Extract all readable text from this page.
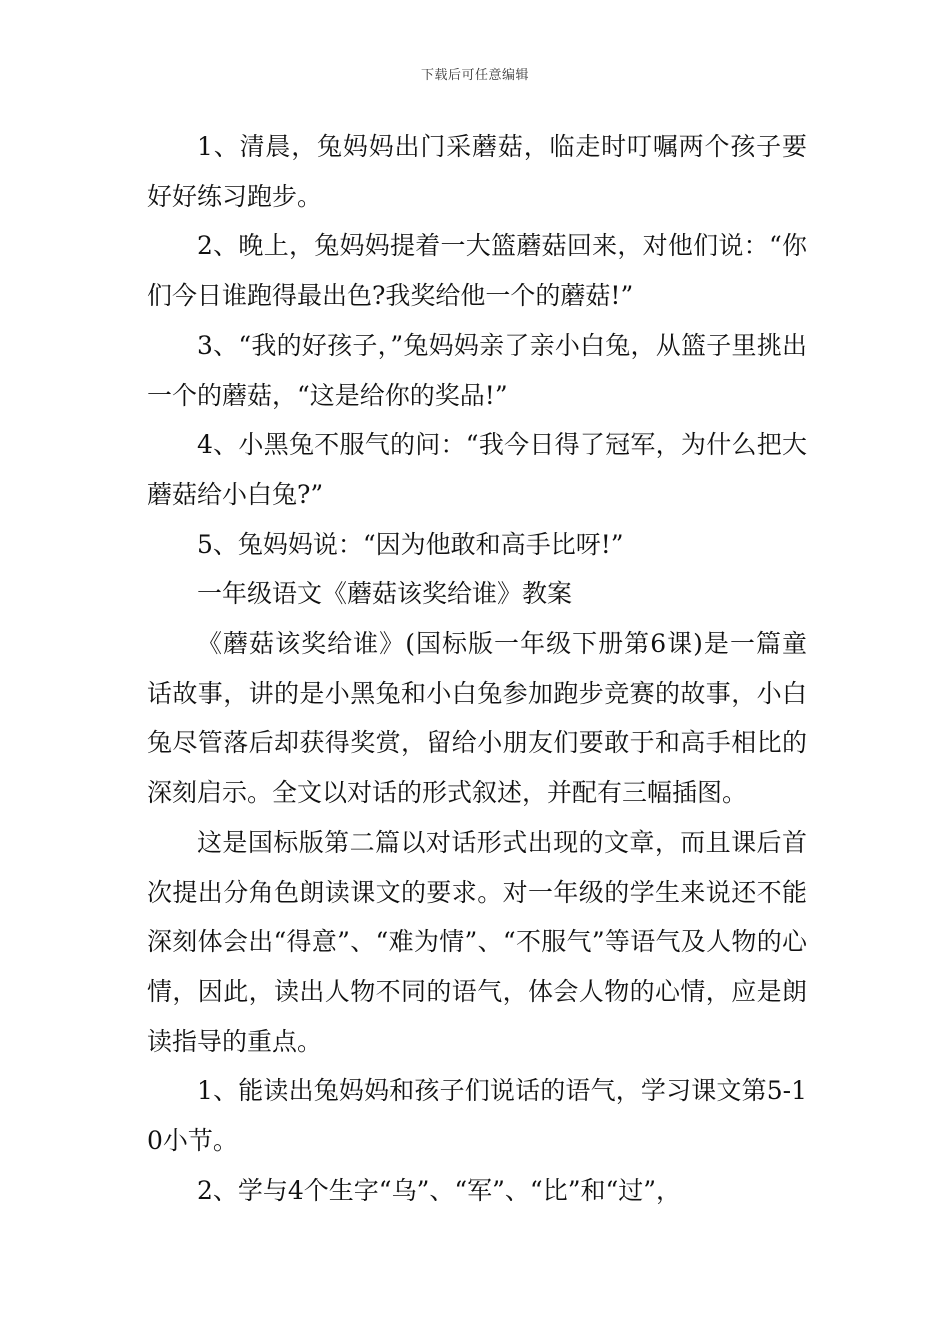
下载后可任意编辑

1、清晨，兔妈妈出门采蘑菇，临走时叮嘱两个孩子要好好练习跑步。

2、晚上，兔妈妈提着一大篮蘑菇回来，对他们说：“你们今日谁跑得最出色?我奖给他一个的蘑菇!”

3、“我的好孩子，”兔妈妈亲了亲小白兔，从篮子里挑出一个的蘑菇，“这是给你的奖品!”

4、小黑兔不服气的问：“我今日得了冠军，为什么把大蘑菇给小白兔?”

5、兔妈妈说：“因为他敢和高手比呀!”

一年级语文《蘑菇该奖给谁》教案

《蘑菇该奖给谁》(国标版一年级下册第6课)是一篇童话故事，讲的是小黑兔和小白兔参加跑步竞赛的故事，小白兔尽管落后却获得奖赏，留给小朋友们要敢于和高手相比的深刻启示。全文以对话的形式叙述，并配有三幅插图。

这是国标版第二篇以对话形式出现的文章，而且课后首次提出分角色朗读课文的要求。对一年级的学生来说还不能深刻体会出“得意”、“难为情”、“不服气”等语气及人物的心情，因此，读出人物不同的语气，体会人物的心情，应是朗读指导的重点。

1、能读出兔妈妈和孩子们说话的语气，学习课文第5-10小节。

2、学与4个生字“乌”、“军”、“比”和“过”，
